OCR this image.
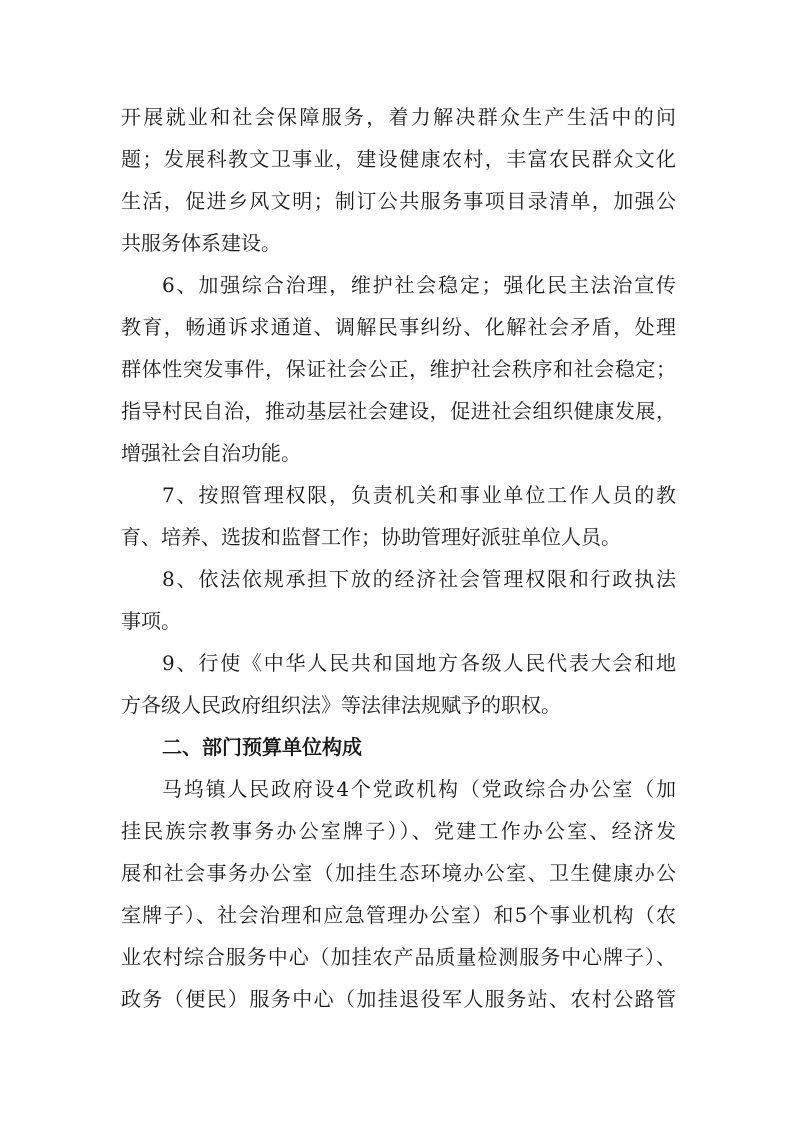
开展就业和社会保障服务，着力解决群众生产生活中的问

题；发展科教文卫事业，建设健康农村，丰富农民群众文化

生活，促进乡风文明；制订公共服务事项目录清单，加强公

共服务体系建设。

6、加强综合治理，维护社会稳定；强化民主法治宣传

教育，畅通诉求通道、调解民事纠纷、化解社会矛盾，处理

群体性突发事件，保证社会公正，维护社会秩序和社会稳定；

指导村民自治，推动基层社会建设，促进社会组织健康发展，

增强社会自治功能。

7、按照管理权限，负责机关和事业单位工作人员的教

育、培养、选拔和监督工作；协助管理好派驻单位人员。

8、依法依规承担下放的经济社会管理权限和行政执法

事项。

9、行使《中华人民共和国地方各级人民代表大会和地

方各级人民政府组织法》等法律法规赋予的职权。

二、部门预算单位构成

马坞镇人民政府设4个党政机构（党政综合办公室（加

挂民族宗教事务办公室牌子））、党建工作办公室、经济发

展和社会事务办公室（加挂生态环境办公室、卫生健康办公

室牌子）、社会治理和应急管理办公室）和5个事业机构（农

业农村综合服务中心（加挂农产品质量检测服务中心牌子）、

政务（便民）服务中心（加挂退役军人服务站、农村公路管
